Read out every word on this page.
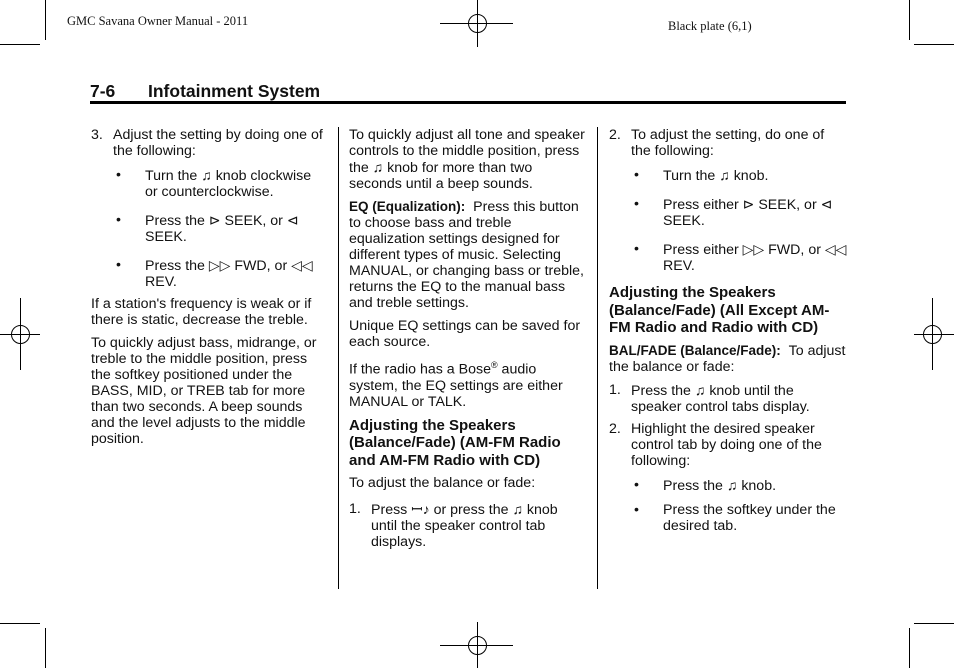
GMC Savana Owner Manual - 2011	Black plate (6,1)
7-6 Infotainment System
3. Adjust the setting by doing one of the following:
• Turn the ♫ knob clockwise or counterclockwise.
• Press the ⊳ SEEK, or ⊲ SEEK.
• Press the ▷▷ FWD, or ◁◁ REV.

If a station's frequency is weak or if there is static, decrease the treble.

To quickly adjust bass, midrange, or treble to the middle position, press the softkey positioned under the BASS, MID, or TREB tab for more than two seconds. A beep sounds and the level adjusts to the middle position.

To quickly adjust all tone and speaker controls to the middle position, press the ♫ knob for more than two seconds until a beep sounds.

EQ (Equalization): Press this button to choose bass and treble equalization settings designed for different types of music. Selecting MANUAL, or changing bass or treble, returns the EQ to the manual bass and treble settings.

Unique EQ settings can be saved for each source.

If the radio has a Bose® audio system, the EQ settings are either MANUAL or TALK.

Adjusting the Speakers (Balance/Fade) (AM-FM Radio and AM-FM Radio with CD)

To adjust the balance or fade:

1. Press ꟷ♪ or press the ♫ knob until the speaker control tab displays.
2. To adjust the setting, do one of the following:
• Turn the ♫ knob.
• Press either ⊳ SEEK, or ⊲ SEEK.
• Press either ▷▷ FWD, or ◁◁ REV.
Adjusting the Speakers (Balance/Fade) (All Except AM-FM Radio and Radio with CD)

BAL/FADE (Balance/Fade): To adjust the balance or fade:

1. Press the ♫ knob until the speaker control tabs display.
2. Highlight the desired speaker control tab by doing one of the following:
• Press the ♫ knob.
• Press the softkey under the desired tab.
